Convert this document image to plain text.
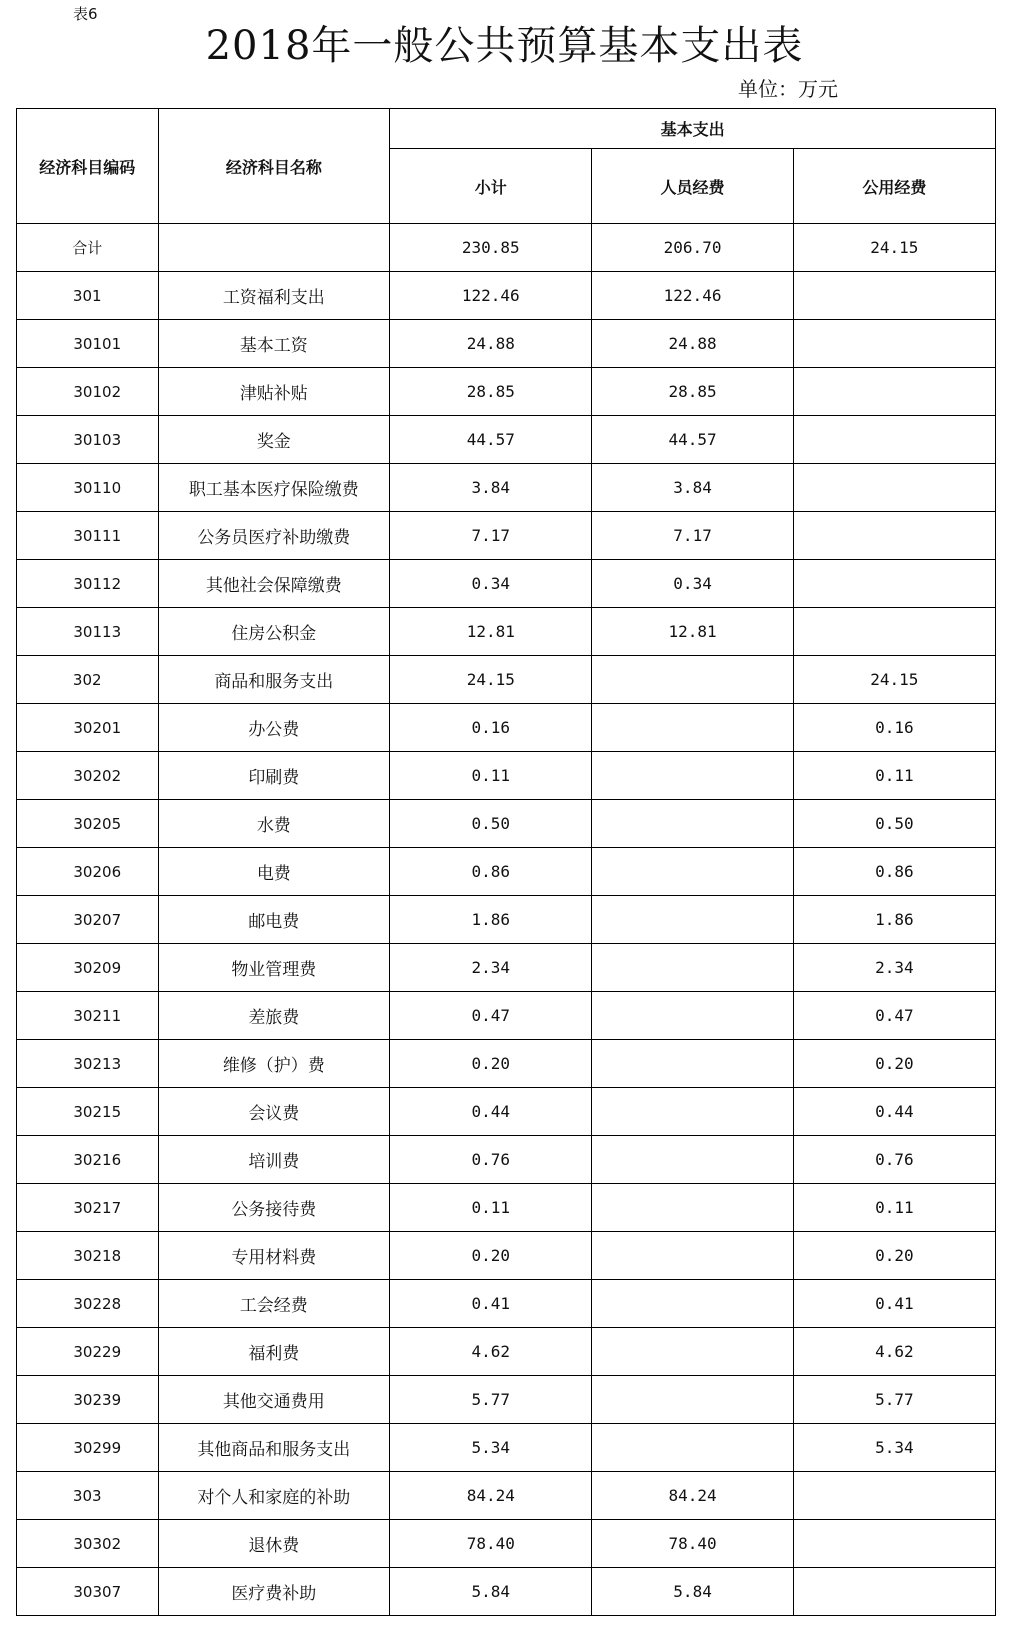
表6
2018年一般公共预算基本支出表
单位：万元
经济科目编码	经济科目名称	基本支出		
		小计	人员经费	公用经费
合计		230.85	206.70	24.15
301	工资福利支出	122.46	122.46	
30101	基本工资	24.88	24.88	
30102	津贴补贴	28.85	28.85	
30103	奖金	44.57	44.57	
30110	职工基本医疗保险缴费	3.84	3.84	
30111	公务员医疗补助缴费	7.17	7.17	
30112	其他社会保障缴费	0.34	0.34	
30113	住房公积金	12.81	12.81	
302	商品和服务支出	24.15		24.15
30201	办公费	0.16		0.16
30202	印刷费	0.11		0.11
30205	水费	0.50		0.50
30206	电费	0.86		0.86
30207	邮电费	1.86		1.86
30209	物业管理费	2.34		2.34
30211	差旅费	0.47		0.47
30213	维修（护）费	0.20		0.20
30215	会议费	0.44		0.44
30216	培训费	0.76		0.76
30217	公务接待费	0.11		0.11
30218	专用材料费	0.20		0.20
30228	工会经费	0.41		0.41
30229	福利费	4.62		4.62
30239	其他交通费用	5.77		5.77
30299	其他商品和服务支出	5.34		5.34
303	对个人和家庭的补助	84.24	84.24	
30302	退休费	78.40	78.40	
30307	医疗费补助	5.84	5.84	
